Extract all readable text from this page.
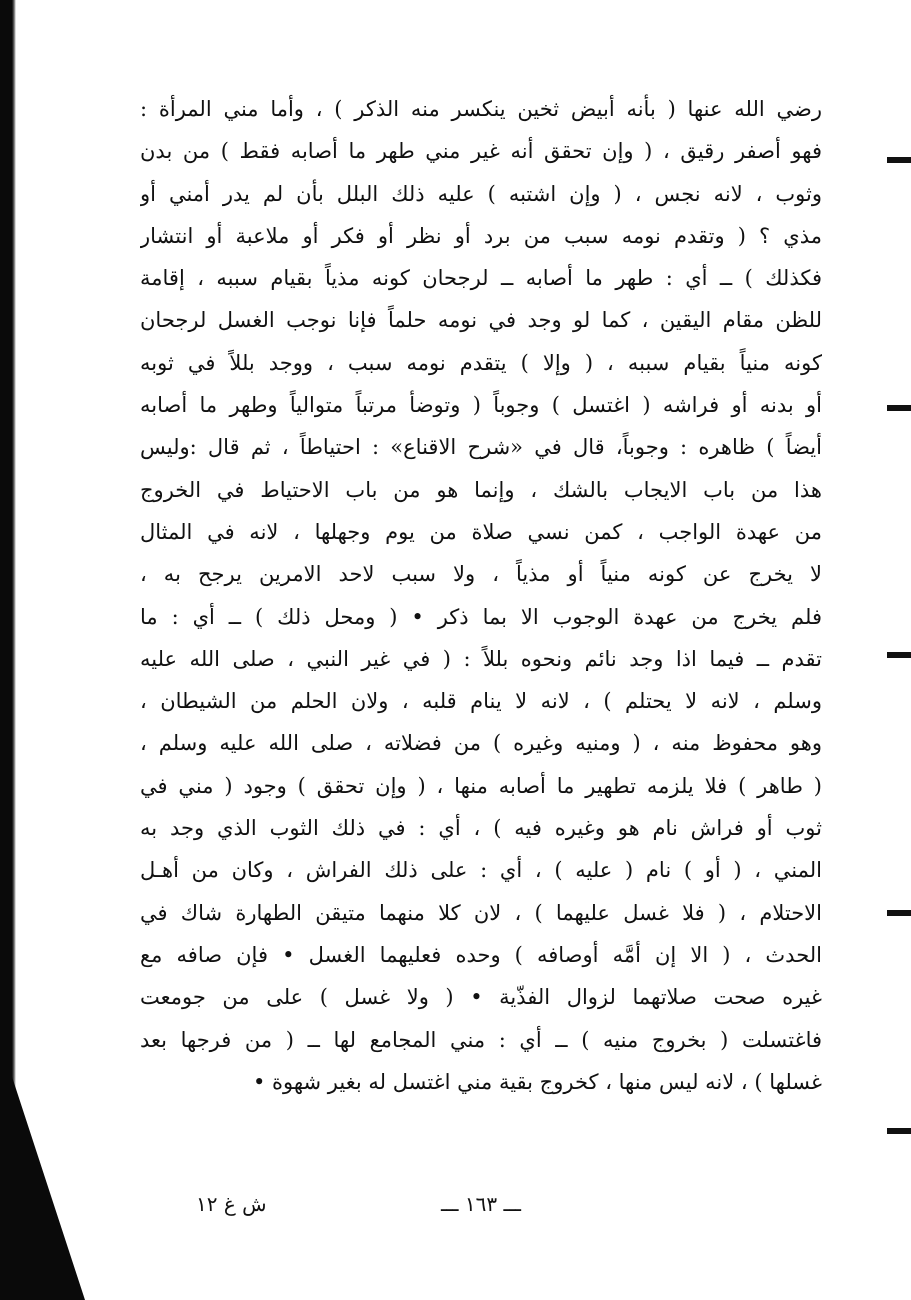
رضي الله عنها ( بأنه أبيض ثخين ينكسر منه الذكر ) ، وأما مني المرأة :
فهو أصفر رقيق ، ( وإن تحقق أنه غير مني طهر ما أصابه فقط ) من بدن
وثوب ، لانه نجس ، ( وإن اشتبه ) عليه ذلك البلل بأن لم يدر أمني أو
مذي ؟ ( وتقدم نومه سبب من برد أو نظر أو فكر أو ملاعبة أو انتشار
فكذلك ) ــ أي : طهر ما أصابه ــ لرجحان كونه مذياً بقيام سببه ، إقامة
للظن مقام اليقين ، كما لو وجد في نومه حلماً فإنا نوجب الغسل لرجحان
كونه منياً بقيام سببه ، ( وإلا ) يتقدم نومه سبب ، ووجد بللاً في ثوبه
أو بدنه أو فراشه ( اغتسل ) وجوباً ( وتوضأ مرتباً متوالياً وطهر ما أصابه
أيضاً ) ظاهره : وجوباً، قال في «شرح الاقناع» : احتياطاً ، ثم قال :وليس
هذا من باب الايجاب بالشك ، وإنما هو من باب الاحتياط في الخروج
من عهدة الواجب ، كمن نسي صلاة من يوم وجهلها ، لانه في المثال
لا يخرج عن كونه منياً أو مذياً ، ولا سبب لاحد الامرين يرجح به ،
فلم يخرج من عهدة الوجوب الا بما ذكر • ( ومحل ذلك ) ــ أي : ما
تقدم ــ فيما اذا وجد نائم ونحوه بللاً : ( في غير النبي ، صلى الله عليه
وسلم ، لانه لا يحتلم ) ، لانه لا ينام قلبه ، ولان الحلم من الشيطان ،
وهو محفوظ منه ، ( ومنيه وغيره ) من فضلاته ، صلى الله عليه وسلم ،
( طاهر ) فلا يلزمه تطهير ما أصابه منها ، ( وإن تحقق ) وجود ( مني في
ثوب أو فراش نام هو وغيره فيه ) ، أي : في ذلك الثوب الذي وجد به
المني ، ( أو ) نام ( عليه ) ، أي : على ذلك الفراش ، وكان من أهـل
الاحتلام ، ( فلا غسل عليهما ) ، لان كلا منهما متيقن الطهارة شاك في
الحدث ، ( الا إن أمَّه أوصافه ) وحده فعليهما الغسل • فإن صافه مع
غيره صحت صلاتهما لزوال الفذّية • ( ولا غسل ) على من جومعت
فاغتسلت ( بخروج منيه ) ــ أي : مني المجامع لها ــ ( من فرجها بعد
غسلها ) ، لانه ليس منها ، كخروج بقية مني اغتسل له بغير شهوة •
ـــ ١٦٣ ـــ
ش غ ١٢
